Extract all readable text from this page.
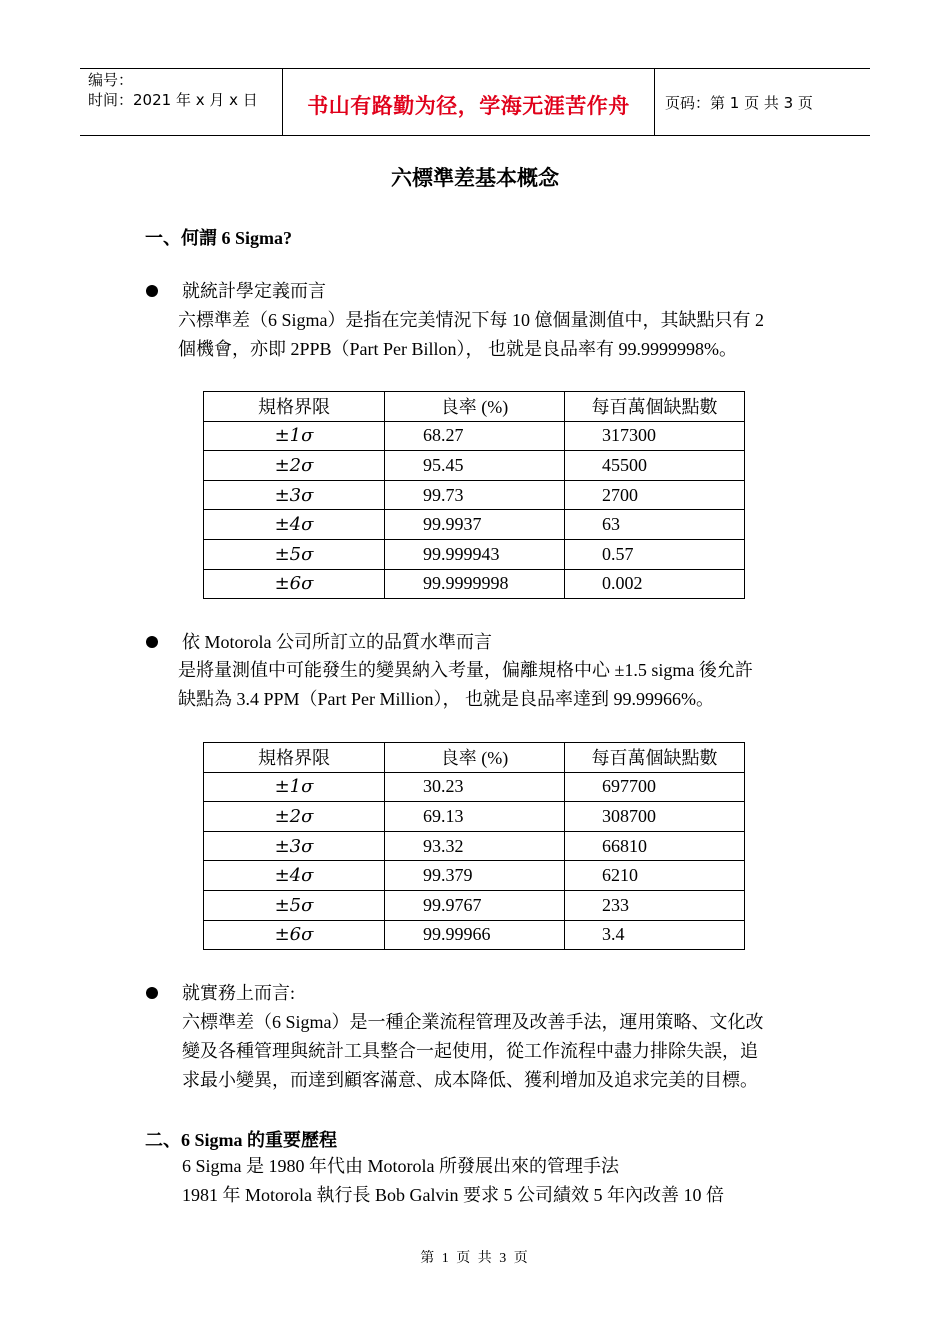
编号：
时间：2021 年 x 月 x 日	书山有路勤为径，学海无涯苦作舟	页码：第 1 页 共 3 页
六標準差基本概念
一、何謂 6 Sigma?
就統計學定義而言
六標準差（6 Sigma）是指在完美情況下每 10 億個量測值中，其缺點只有 2
個機會，亦即 2PPB（Part Per Billon）， 也就是良品率有 99.9999998%。
規格界限	良率 (%)	每百萬個缺點數
±1σ	68.27	317300
±2σ	95.45	45500
±3σ	99.73	2700
±4σ	99.9937	63
±5σ	99.999943	0.57
±6σ	99.9999998	0.002
依 Motorola 公司所訂立的品質水準而言
是將量測值中可能發生的變異納入考量，偏離規格中心 ±1.5 sigma 後允許
缺點為 3.4 PPM（Part Per Million）， 也就是良品率達到 99.99966%。
規格界限	良率 (%)	每百萬個缺點數
±1σ	30.23	697700
±2σ	69.13	308700
±3σ	93.32	66810
±4σ	99.379	6210
±5σ	99.9767	233
±6σ	99.99966	3.4
就實務上而言:
六標準差（6 Sigma）是一種企業流程管理及改善手法，運用策略、文化改
變及各種管理與統計工具整合一起使用，從工作流程中盡力排除失誤，追
求最小變異，而達到顧客滿意、成本降低、獲利增加及追求完美的目標。
二、6 Sigma 的重要歷程
6 Sigma 是 1980 年代由 Motorola 所發展出來的管理手法
1981 年 Motorola 執行長 Bob Galvin 要求 5 公司績效 5 年內改善 10 倍
第 1 页 共 3 页
